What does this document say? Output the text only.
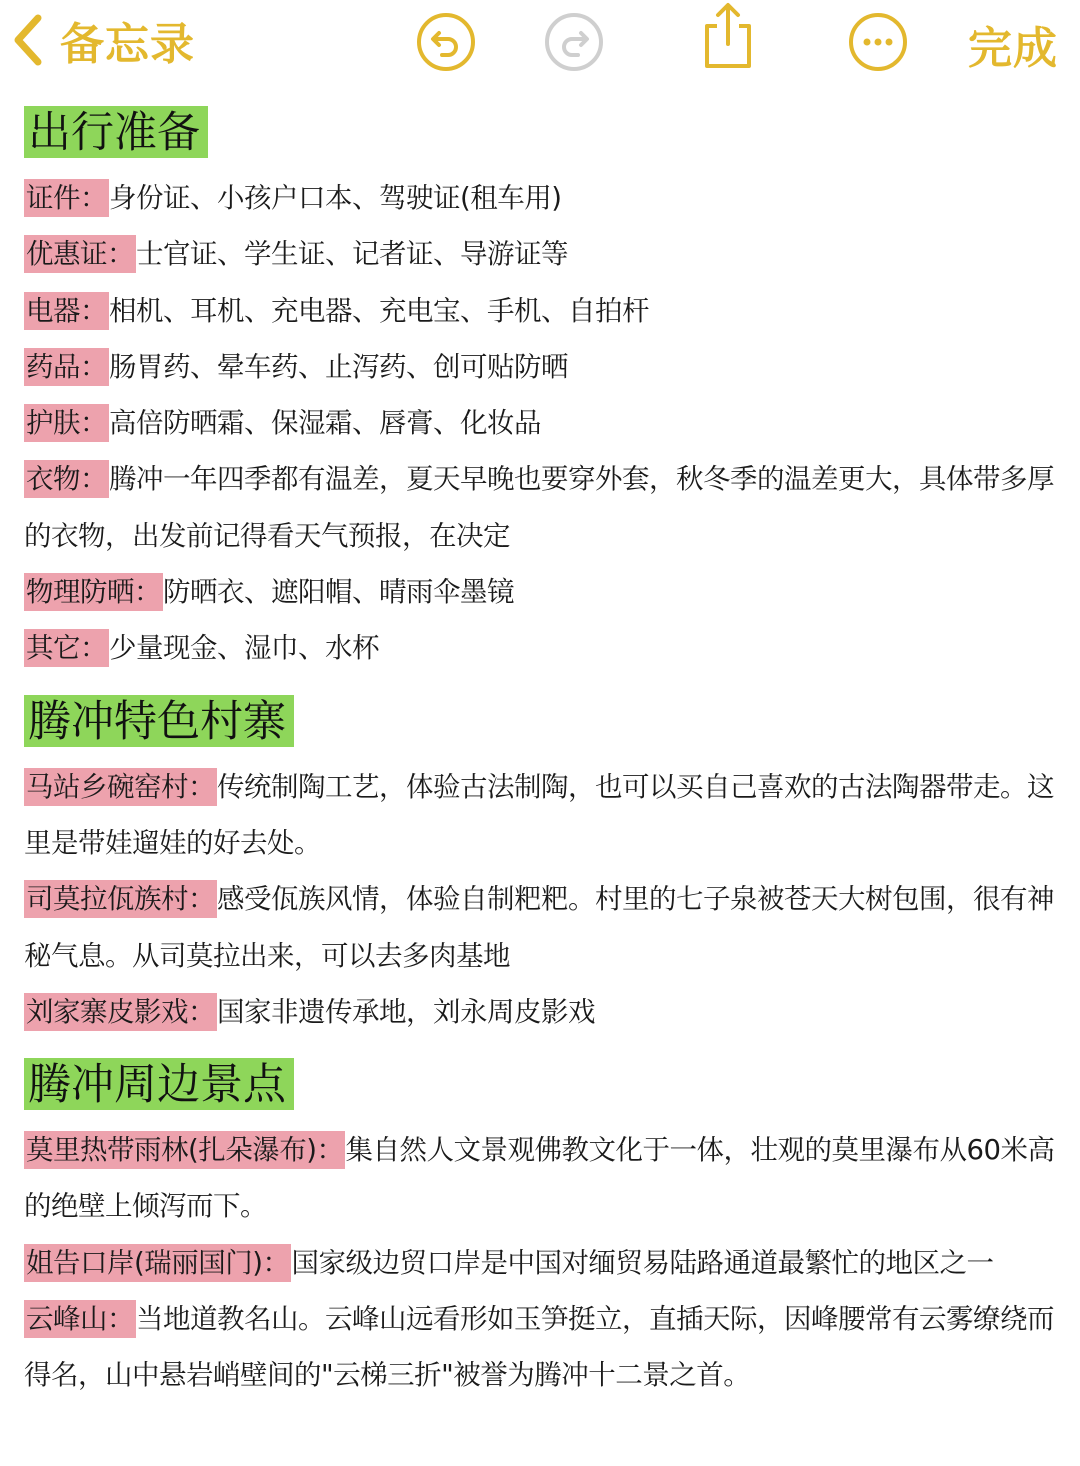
备忘录	完成
出行准备
证件：身份证、小孩户口本、驾驶证(租车用)
优惠证：士官证、学生证、记者证、导游证等
电器：相机、耳机、充电器、充电宝、手机、自拍杆
药品：肠胃药、晕车药、止泻药、创可贴防晒
护肤：高倍防晒霜、保湿霜、唇膏、化妆品
衣物：腾冲一年四季都有温差，夏天早晚也要穿外套，秋冬季的温差更大，具体带多厚的衣物，出发前记得看天气预报，在决定
物理防晒：防晒衣、遮阳帽、晴雨伞墨镜
其它：少量现金、湿巾、水杯
腾冲特色村寨
马站乡碗窑村：传统制陶工艺，体验古法制陶，也可以买自己喜欢的古法陶器带走。这里是带娃遛娃的好去处。
司莫拉佤族村：感受佤族风情，体验自制粑粑。村里的七子泉被苍天大树包围，很有神秘气息。从司莫拉出来，可以去多肉基地
刘家寨皮影戏：国家非遗传承地，刘永周皮影戏
腾冲周边景点
莫里热带雨林(扎朵瀑布)：集自然人文景观佛教文化于一体，壮观的莫里瀑布从60米高的绝壁上倾泻而下。
姐告口岸(瑞丽国门)：国家级边贸口岸是中国对缅贸易陆路通道最繁忙的地区之一
云峰山：当地道教名山。云峰山远看形如玉笋挺立，直插天际，因峰腰常有云雾缭绕而得名，山中悬岩峭壁间的"云梯三折"被誉为腾冲十二景之首。
